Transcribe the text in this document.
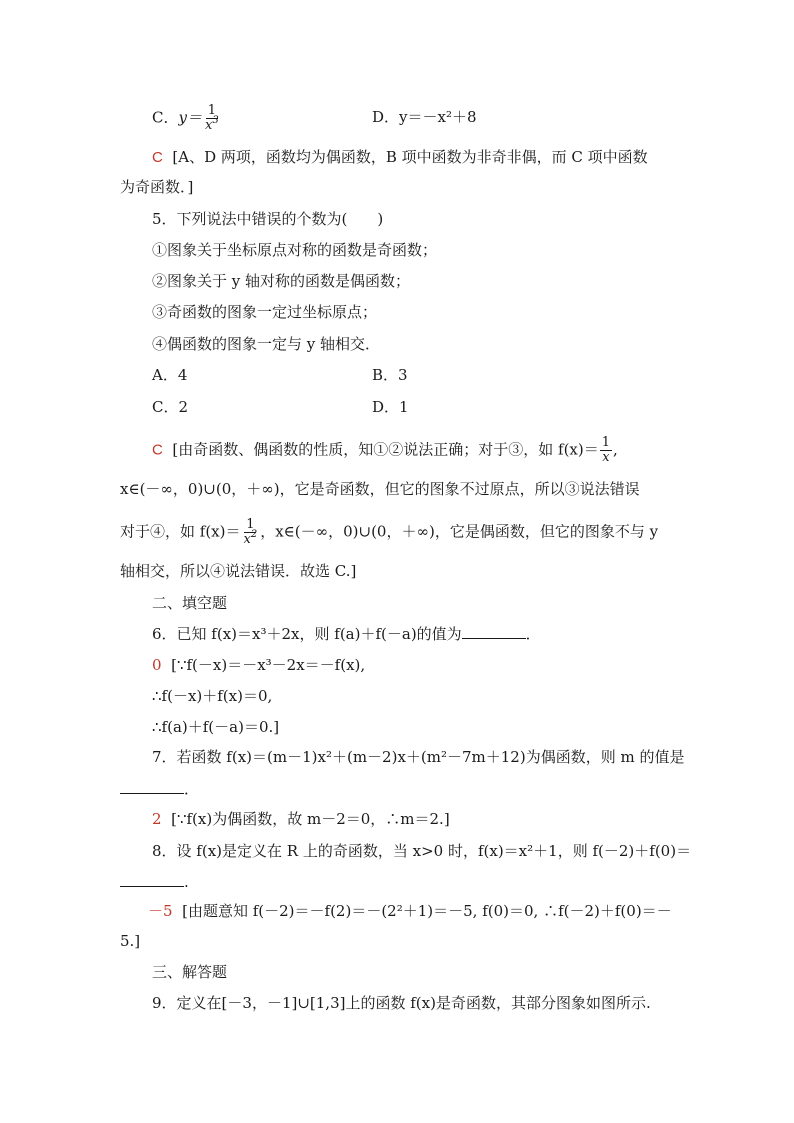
C．$y= \frac{1}{x^3}$	D．y＝－x²＋8
C [A、D 两项，函数均为偶函数，B 项中函数为非奇非偶，而 C 项中函数
为奇函数．]
5．下列说法中错误的个数为(　　)
①图象关于坐标原点对称的函数是奇函数；
②图象关于 y 轴对称的函数是偶函数；
③奇函数的图象一定过坐标原点；
④偶函数的图象一定与 y 轴相交．
A．4	B．3
C．2	D．1
C [由奇函数、偶函数的性质，知①②说法正确；对于③，如 $f(x)= \frac{1}{x}$ ,
x∈(－∞，0)∪(0，＋∞)，它是奇函数，但它的图象不过原点，所以③说法错误
对于④，如 $f(x)= \frac{1}{x^2}$ ，x∈(－∞，0)∪(0，＋∞)，它是偶函数，但它的图象不与 y
轴相交，所以④说法错误．故选 C.]
二、填空题
6．已知 f(x)＝x³＋2x，则 f(a)＋f(－a)的值为	．
0 [∵f(－x)＝－x³－2x＝－f(x),
∴f(－x)＋f(x)＝0,
∴f(a)＋f(－a)＝0.]
7．若函数 f(x)＝(m－1)x²＋(m－2)x＋(m²－7m＋12)为偶函数，则 m 的值是
．
2 [∵f(x)为偶函数，故 m－2＝0，∴m＝2.]
8．设 f(x)是定义在 R 上的奇函数，当 x>0 时，f(x)＝x²＋1，则 f(－2)＋f(0)＝
.
－5 [由题意知 f(－2)＝－f(2)＝－(2²＋1)＝－5, f(0)＝0, ∴f(－2)＋f(0)＝－
5.]
三、解答题
9．定义在[－3，－1]∪[1,3]上的函数 f(x)是奇函数，其部分图象如图所示.
